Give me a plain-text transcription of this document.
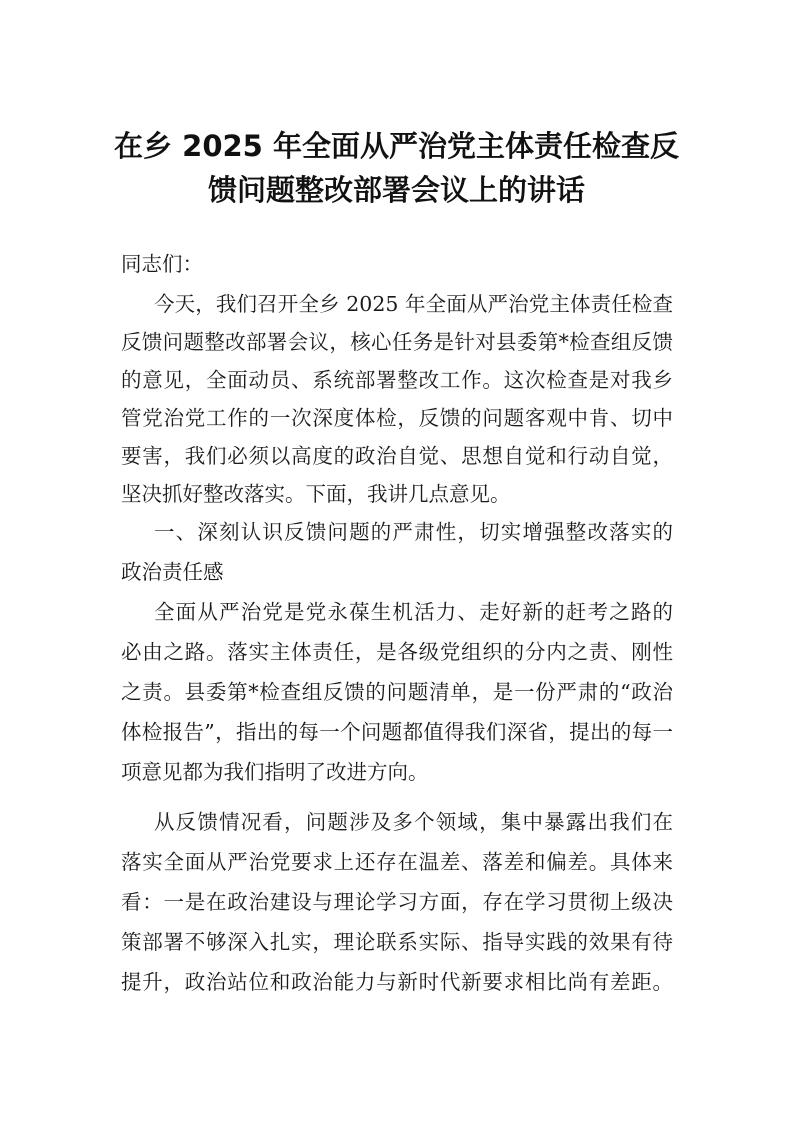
在乡 2025 年全面从严治党主体责任检查反
馈问题整改部署会议上的讲话
同志们：
今天，我们召开全乡 2025 年全面从严治党主体责任检查
反馈问题整改部署会议，核心任务是针对县委第*检查组反馈
的意见，全面动员、系统部署整改工作。这次检查是对我乡
管党治党工作的一次深度体检，反馈的问题客观中肯、切中
要害，我们必须以高度的政治自觉、思想自觉和行动自觉，
坚决抓好整改落实。下面，我讲几点意见。
一、深刻认识反馈问题的严肃性，切实增强整改落实的
政治责任感
全面从严治党是党永葆生机活力、走好新的赶考之路的
必由之路。落实主体责任，是各级党组织的分内之责、刚性
之责。县委第*检查组反馈的问题清单，是一份严肃的“政治
体检报告”，指出的每一个问题都值得我们深省，提出的每一
项意见都为我们指明了改进方向。
从反馈情况看，问题涉及多个领域，集中暴露出我们在
落实全面从严治党要求上还存在温差、落差和偏差。具体来
看：一是在政治建设与理论学习方面，存在学习贯彻上级决
策部署不够深入扎实，理论联系实际、指导实践的效果有待
提升，政治站位和政治能力与新时代新要求相比尚有差距。
